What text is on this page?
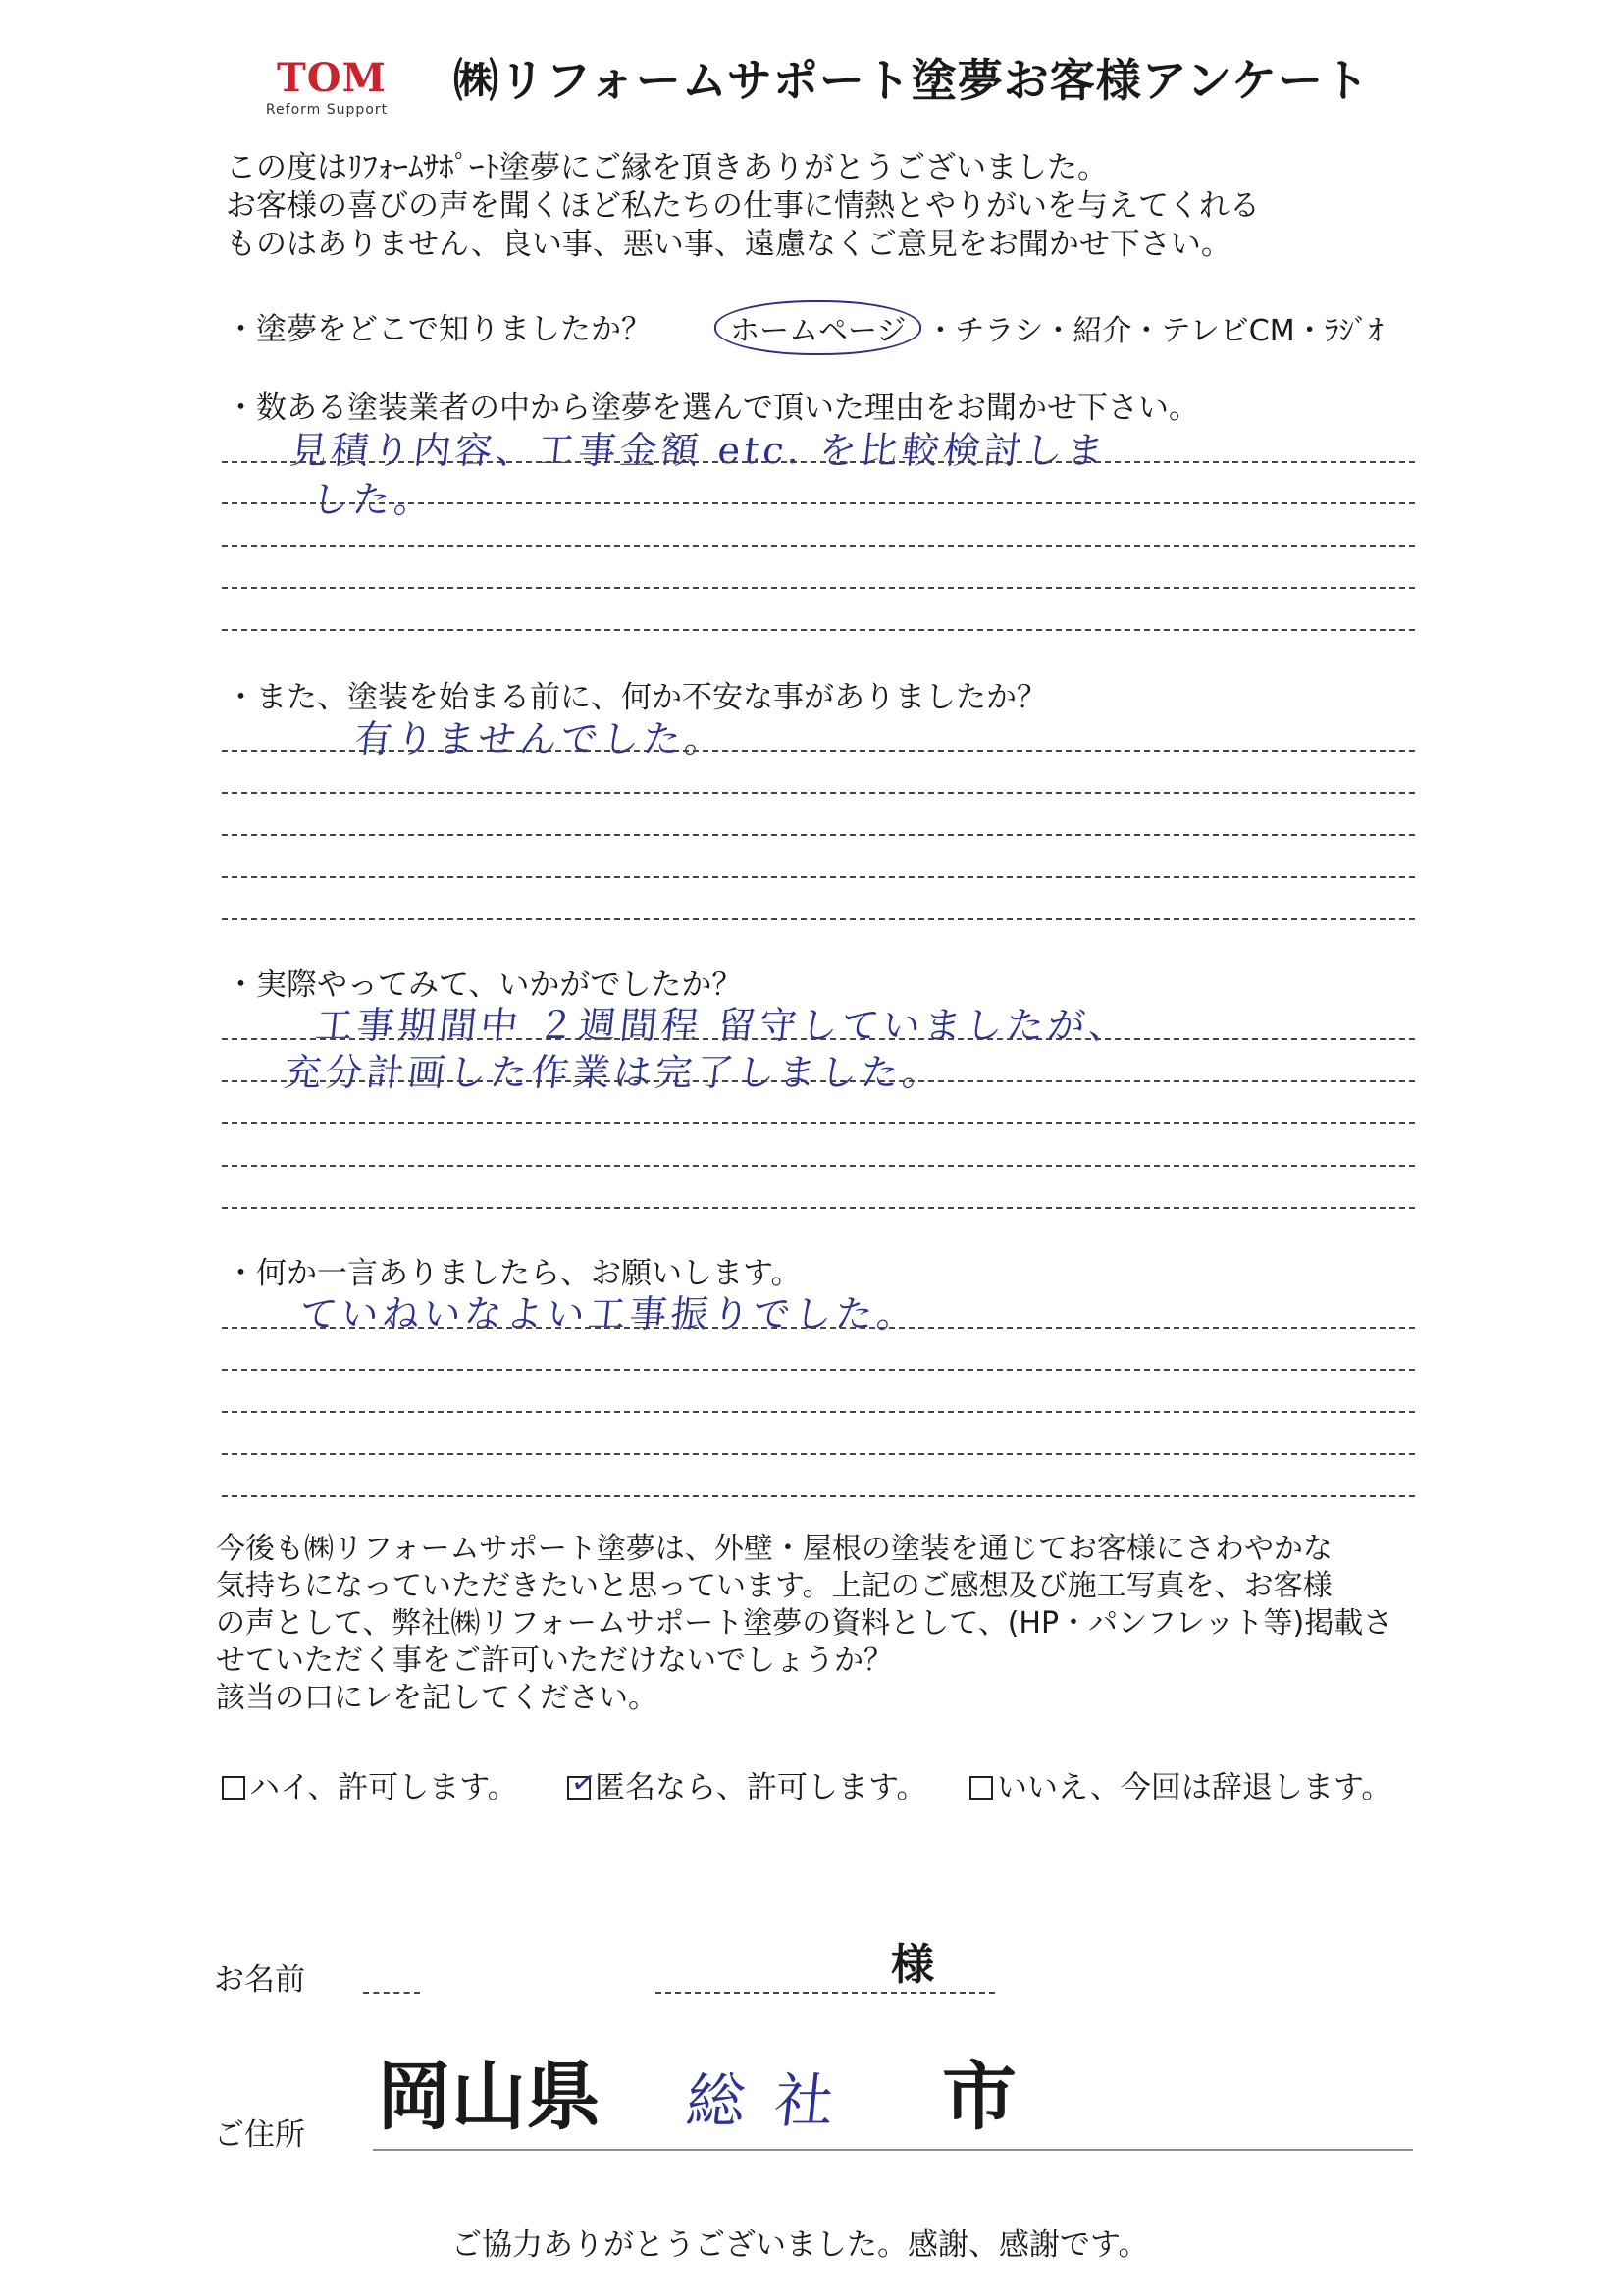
TOM
Reform Support
㈱リフォームサポート塗夢お客様アンケート
この度はﾘﾌｫｰﾑｻﾎﾟｰﾄ塗夢にご縁を頂きありがとうございました。
お客様の喜びの声を聞くほど私たちの仕事に情熱とやりがいを与えてくれる
ものはありません、良い事、悪い事、遠慮なくご意見をお聞かせ下さい。
・塗夢をどこで知りましたか？	ホームページ ・チラシ・紹介・テレビCM・ﾗｼﾞｵ
・数ある塗装業者の中から塗夢を選んで頂いた理由をお聞かせ下さい。
見積り内容、工事金額 etc. を比較検討しま
した。
・また、塗装を始まる前に、何か不安な事がありましたか？
有りませんでした。
・実際やってみて、いかがでしたか？
工事期間中 ２週間程 留守していましたが、
充分計画した作業は完了しました。
・何か一言ありましたら、お願いします。
ていねいなよい工事振りでした。
今後も㈱リフォームサポート塗夢は、外壁・屋根の塗装を通じてお客様にさわやかな
気持ちになっていただきたいと思っています。上記のご感想及び施工写真を、お客様
の声として、弊社㈱リフォームサポート塗夢の資料として、(HP・パンフレット等)掲載さ
せていただく事をご許可いただけないでしょうか？
該当の口にレを記してください。
ハイ、許可します。 ✓
匿名なら、許可します。	いいえ、今回は辞退します。
お名前	様
ご住所 岡山県 総社 市
ご協力ありがとうございました。感謝、感謝です。
